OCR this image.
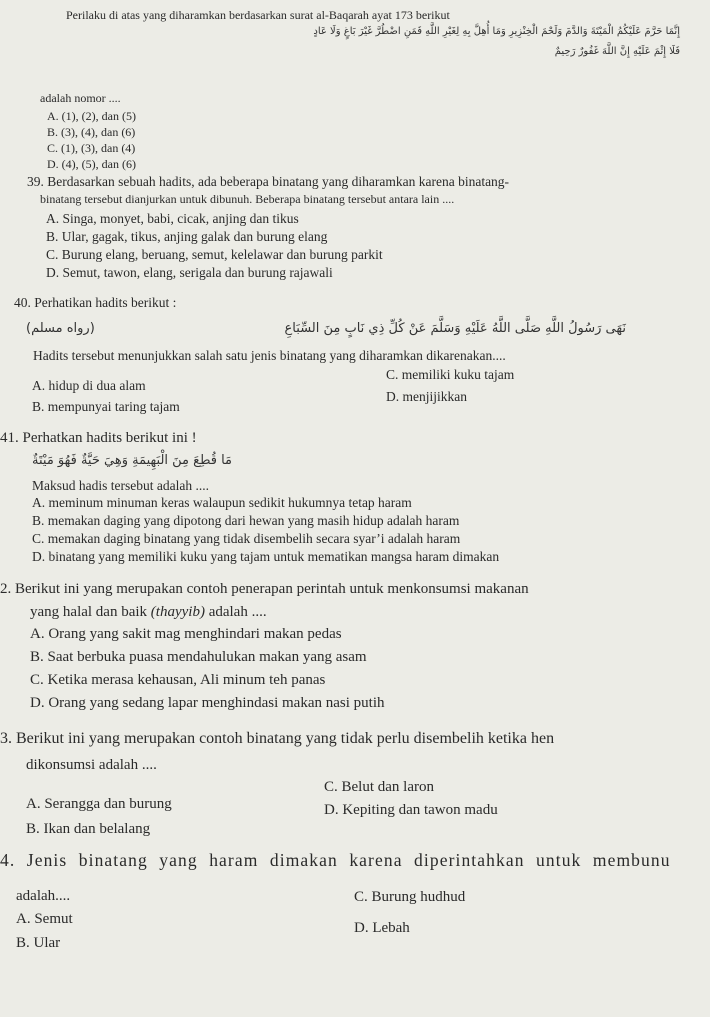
Perilaku di atas yang diharamkan berdasarkan surat al-Baqarah ayat 173 berikut
إِنَّمَا حَرَّمَ عَلَيْكُمُ الْمَيْتَةَ وَالدَّمَ وَلَحْمَ الْخِنْزِيرِ وَمَا أُهِلَّ بِهِ لِغَيْرِ اللَّهِ فَمَنِ اضْطُرَّ غَيْرَ بَاغٍ وَلَا عَادٍ
فَلَا إِثْمَ عَلَيْهِ إِنَّ اللَّهَ غَفُورٌ رَحِيمٌ
adalah nomor ....
A. (1), (2), dan (5)
B. (3), (4), dan (6)
C. (1), (3), dan (4)
D. (4), (5), dan (6)
39. Berdasarkan sebuah hadits, ada beberapa binatang yang diharamkan karena binatang-
binatang tersebut dianjurkan untuk dibunuh. Beberapa binatang tersebut antara lain ....
A. Singa, monyet, babi, cicak, anjing dan tikus
B. Ular, gagak, tikus, anjing galak dan burung elang
C. Burung elang, beruang, semut, kelelawar dan burung parkit
D. Semut, tawon, elang, serigala dan burung rajawali
40. Perhatikan hadits berikut :
نَهَى رَسُولُ اللَّهِ صَلَّى اللَّهُ عَلَيْهِ وَسَلَّمَ عَنْ كُلِّ ذِي نَابٍ مِنَ السِّبَاعِ
(رواه مسلم)
Hadits tersebut menunjukkan salah satu jenis binatang yang diharamkan dikarenakan....
A. hidup di dua alam
B. mempunyai taring tajam
C. memiliki kuku tajam
D. menjijikkan
41. Perhatkan hadits berikut ini !
مَا قُطِعَ مِنَ الْبَهِيمَةِ وَهِيَ حَيَّةٌ فَهُوَ مَيْتَةٌ
Maksud hadis tersebut adalah ....
A. meminum minuman keras walaupun sedikit hukumnya tetap haram
B. memakan daging yang dipotong dari hewan yang masih hidup adalah haram
C. memakan daging binatang yang tidak disembelih secara syar’i adalah haram
D. binatang yang memiliki kuku yang tajam untuk mematikan mangsa haram dimakan
2. Berikut ini yang merupakan contoh penerapan perintah untuk menkonsumsi makanan
yang halal dan baik (thayyib) adalah ....
A. Orang yang sakit mag menghindari makan pedas
B. Saat berbuka puasa mendahulukan makan yang asam
C. Ketika merasa kehausan, Ali minum teh panas
D. Orang yang sedang lapar menghindasi makan nasi putih
3. Berikut ini yang merupakan contoh binatang yang tidak perlu disembelih ketika hen
dikonsumsi adalah ....
A. Serangga dan burung
B. Ikan dan belalang
C. Belut dan laron
D. Kepiting dan tawon madu
4. Jenis binatang yang haram dimakan karena diperintahkan untuk membunu
adalah....
A. Semut
B. Ular
C. Burung hudhud
D. Lebah
